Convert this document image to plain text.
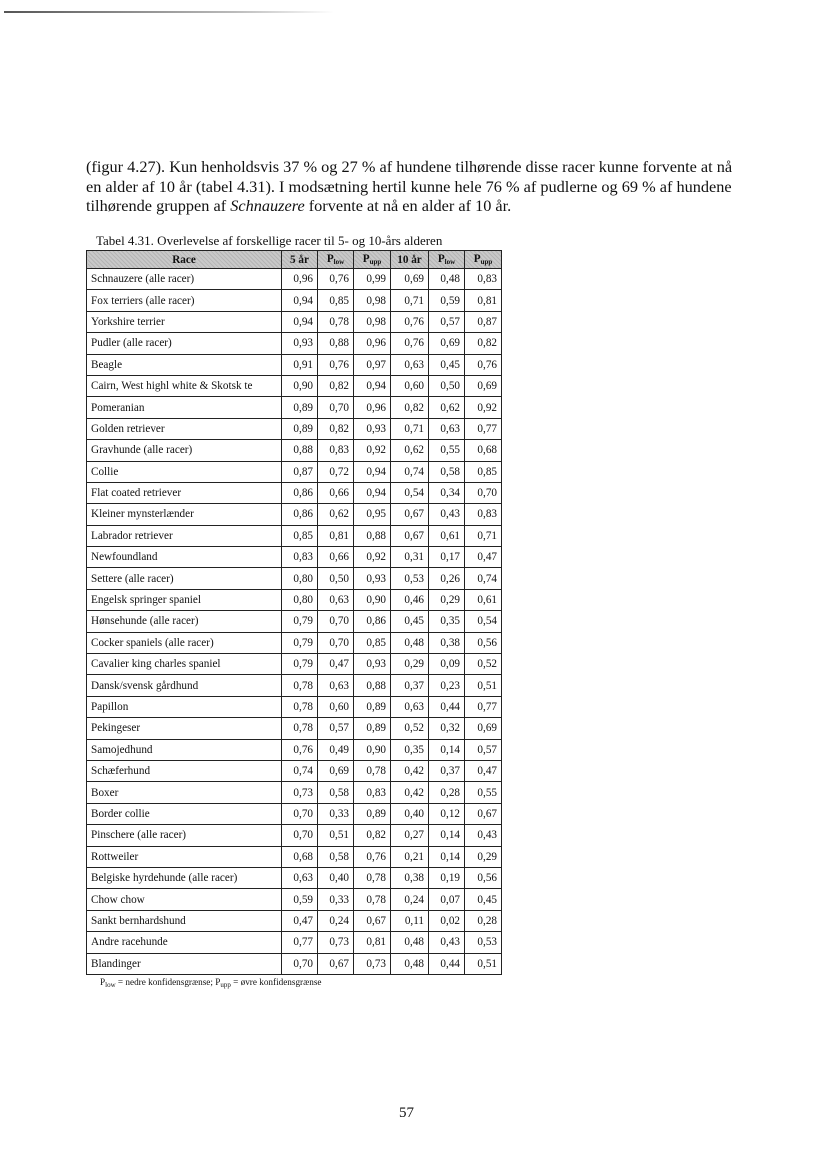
(figur 4.27). Kun henholdsvis 37 % og 27 % af hundene tilhørende disse racer kunne forvente at nå en alder af 10 år (tabel 4.31). I modsætning hertil kunne hele 76 % af pudlerne og 69 % af hundene tilhørende gruppen af Schnauzere forvente at nå en alder af 10 år.

Tabel 4.31. Overlevelse af forskellige racer til 5- og 10-års alderen

Race	5 år	$P_{low}$	$P_{upp}$	10 år	$P_{low}$	$P_{upp}$
Schnauzere (alle racer)	0,96	0,76	0,99	0,69	0,48	0,83
Fox terriers (alle racer)	0,94	0,85	0,98	0,71	0,59	0,81
Yorkshire terrier	0,94	0,78	0,98	0,76	0,57	0,87
Pudler (alle racer)	0,93	0,88	0,96	0,76	0,69	0,82
Beagle	0,91	0,76	0,97	0,63	0,45	0,76
Cairn, West highl white & Skotsk te	0,90	0,82	0,94	0,60	0,50	0,69
Pomeranian	0,89	0,70	0,96	0,82	0,62	0,92
Golden retriever	0,89	0,82	0,93	0,71	0,63	0,77
Gravhunde (alle racer)	0,88	0,83	0,92	0,62	0,55	0,68
Collie	0,87	0,72	0,94	0,74	0,58	0,85
Flat coated retriever	0,86	0,66	0,94	0,54	0,34	0,70
Kleiner mynsterlænder	0,86	0,62	0,95	0,67	0,43	0,83
Labrador retriever	0,85	0,81	0,88	0,67	0,61	0,71
Newfoundland	0,83	0,66	0,92	0,31	0,17	0,47
Settere (alle racer)	0,80	0,50	0,93	0,53	0,26	0,74
Engelsk springer spaniel	0,80	0,63	0,90	0,46	0,29	0,61
Hønsehunde (alle racer)	0,79	0,70	0,86	0,45	0,35	0,54
Cocker spaniels (alle racer)	0,79	0,70	0,85	0,48	0,38	0,56
Cavalier king charles spaniel	0,79	0,47	0,93	0,29	0,09	0,52
Dansk/svensk gårdhund	0,78	0,63	0,88	0,37	0,23	0,51
Papillon	0,78	0,60	0,89	0,63	0,44	0,77
Pekingeser	0,78	0,57	0,89	0,52	0,32	0,69
Samojedhund	0,76	0,49	0,90	0,35	0,14	0,57
Schæferhund	0,74	0,69	0,78	0,42	0,37	0,47
Boxer	0,73	0,58	0,83	0,42	0,28	0,55
Border collie	0,70	0,33	0,89	0,40	0,12	0,67
Pinschere (alle racer)	0,70	0,51	0,82	0,27	0,14	0,43
Rottweiler	0,68	0,58	0,76	0,21	0,14	0,29
Belgiske hyrdehunde (alle racer)	0,63	0,40	0,78	0,38	0,19	0,56
Chow chow	0,59	0,33	0,78	0,24	0,07	0,45
Sankt bernhardshund	0,47	0,24	0,67	0,11	0,02	0,28
Andre racehunde	0,77	0,73	0,81	0,48	0,43	0,53
Blandinger	0,70	0,67	0,73	0,48	0,44	0,51

$P_{low}$ = nedre konfidensgrænse; $P_{upp}$ = øvre konfidensgrænse

57
